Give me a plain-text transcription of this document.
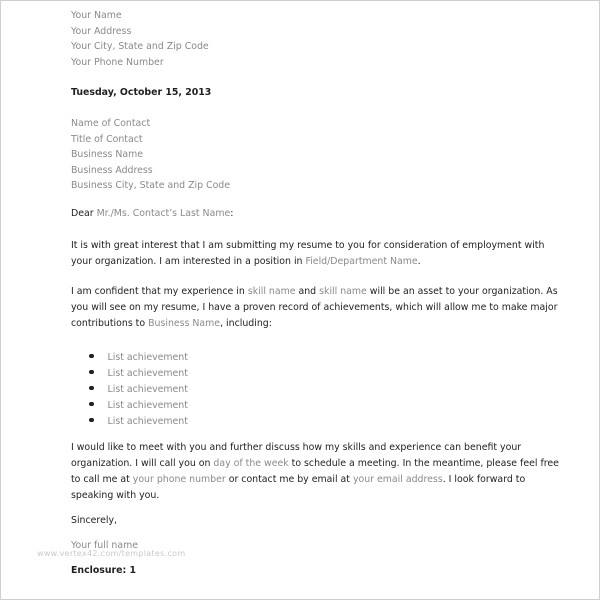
Your Name
Your Address
Your City, State and Zip Code
Your Phone Number
Tuesday, October 15, 2013
Name of Contact
Title of Contact
Business Name
Business Address
Business City, State and Zip Code
Dear Mr./Ms. Contact’s Last Name:
It is with great interest that I am submitting my resume to you for consideration of employment with
your organization. I am interested in a position in Field/Department Name.
I am confident that my experience in skill name and skill name will be an asset to your organization. As
you will see on my resume, I have a proven record of achievements, which will allow me to make major
contributions to Business Name, including:
List achievement
List achievement
List achievement
List achievement
List achievement
I would like to meet with you and further discuss how my skills and experience can benefit your
organization. I will call you on day of the week to schedule a meeting. In the meantime, please feel free
to call me at your phone number or contact me by email at your email address. I look forward to
speaking with you.
Sincerely,
Your full name
www.vertex42.com/templates.com
Enclosure: 1
